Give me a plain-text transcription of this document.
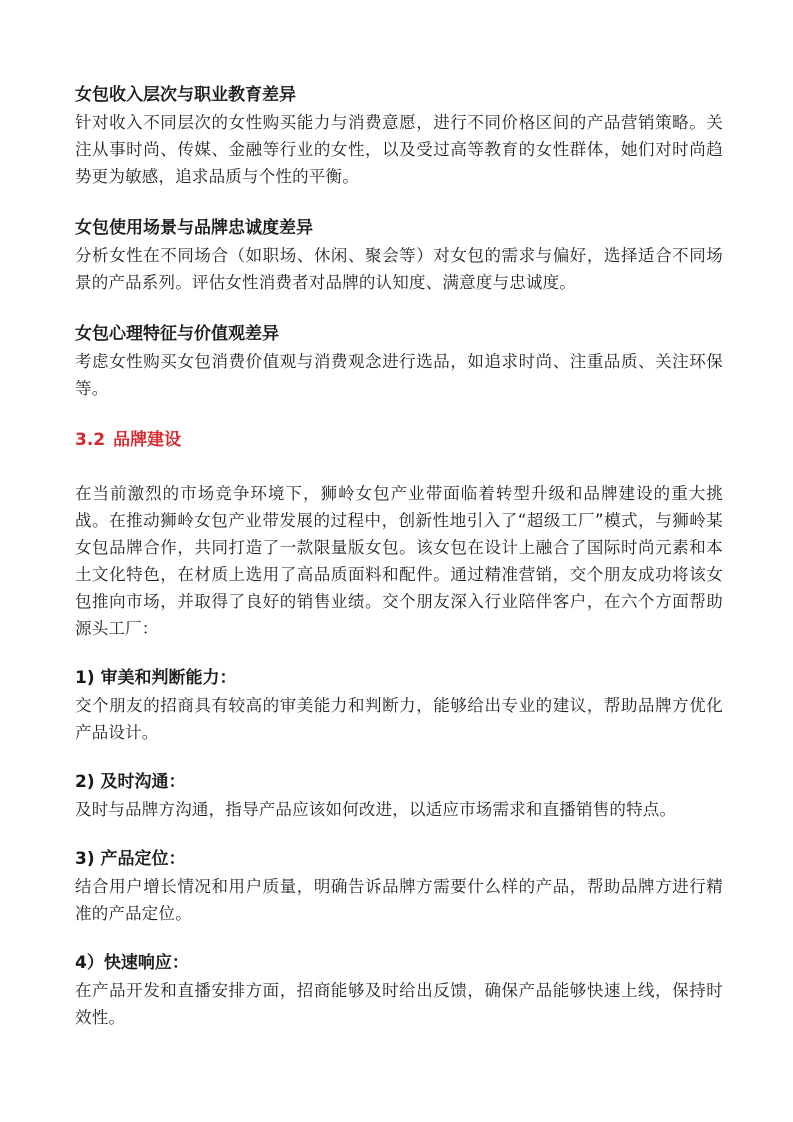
女包收入层次与职业教育差异

针对收入不同层次的女性购买能力与消费意愿，进行不同价格区间的产品营销策略。关注从事时尚、传媒、金融等行业的女性，以及受过高等教育的女性群体，她们对时尚趋势更为敏感，追求品质与个性的平衡。

女包使用场景与品牌忠诚度差异

分析女性在不同场合（如职场、休闲、聚会等）对女包的需求与偏好，选择适合不同场景的产品系列。评估女性消费者对品牌的认知度、满意度与忠诚度。

女包心理特征与价值观差异

考虑女性购买女包消费价值观与消费观念进行选品，如追求时尚、注重品质、关注环保等。

3.2 品牌建设

在当前激烈的市场竞争环境下，狮岭女包产业带面临着转型升级和品牌建设的重大挑战。在推动狮岭女包产业带发展的过程中，创新性地引入了“超级工厂”模式，与狮岭某女包品牌合作，共同打造了一款限量版女包。该女包在设计上融合了国际时尚元素和本土文化特色，在材质上选用了高品质面料和配件。通过精准营销，交个朋友成功将该女包推向市场，并取得了良好的销售业绩。交个朋友深入行业陪伴客户，在六个方面帮助源头工厂：

1) 审美和判断能力：

交个朋友的招商具有较高的审美能力和判断力，能够给出专业的建议，帮助品牌方优化产品设计。

2) 及时沟通：

及时与品牌方沟通，指导产品应该如何改进，以适应市场需求和直播销售的特点。

3) 产品定位：

结合用户增长情况和用户质量，明确告诉品牌方需要什么样的产品，帮助品牌方进行精准的产品定位。

4）快速响应：

在产品开发和直播安排方面，招商能够及时给出反馈，确保产品能够快速上线，保持时效性。
